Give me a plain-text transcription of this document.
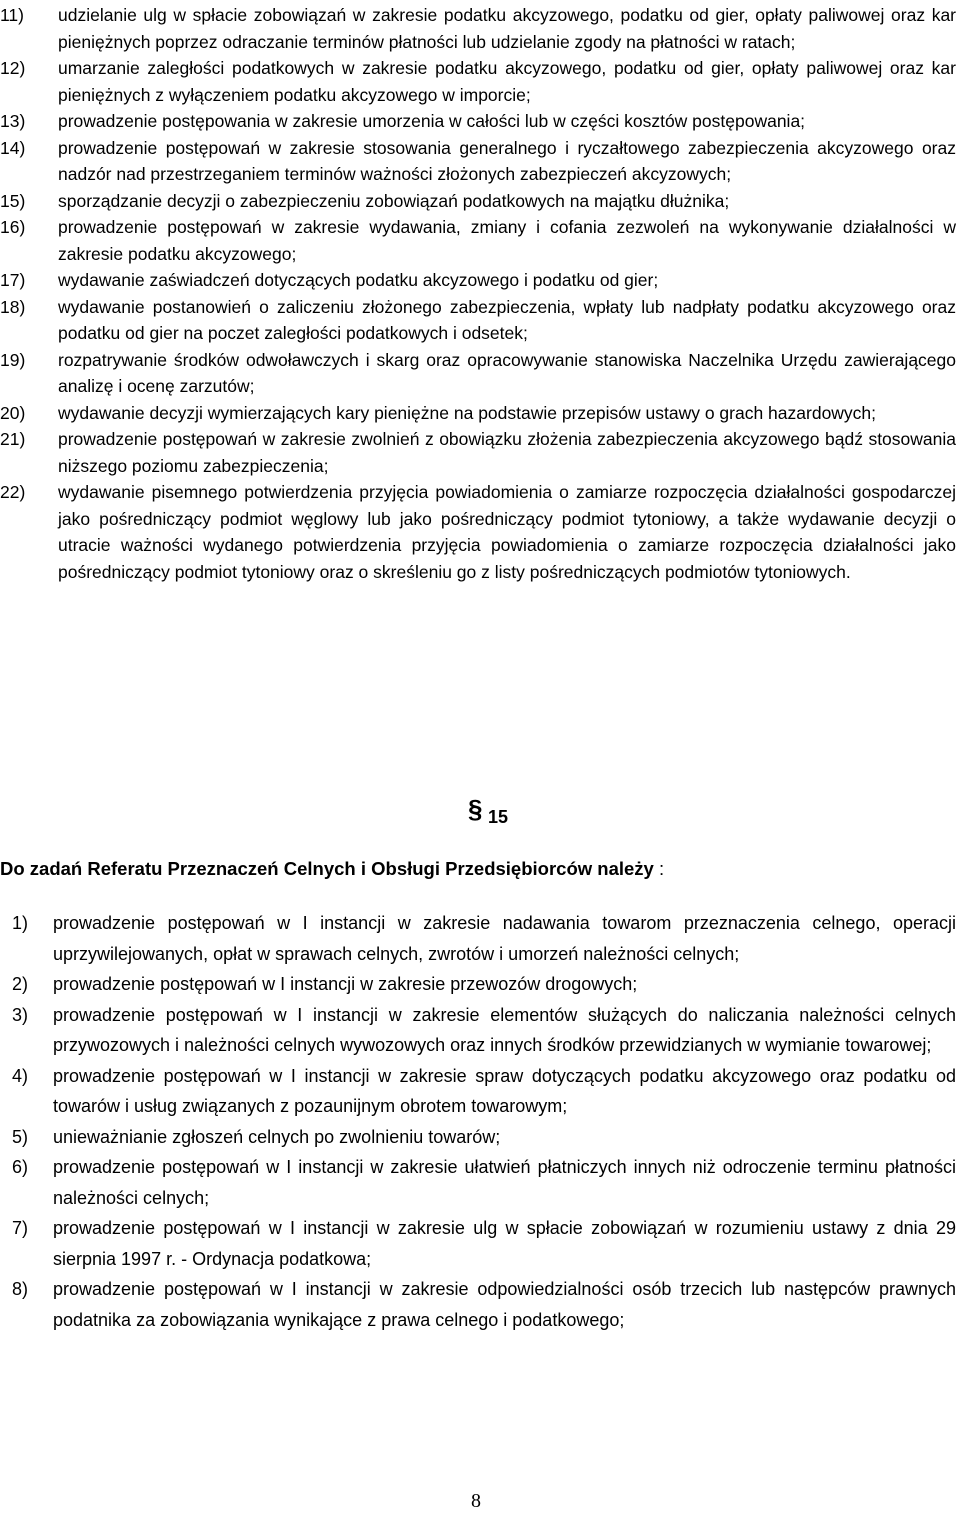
11) udzielanie ulg w spłacie zobowiązań w zakresie podatku akcyzowego, podatku od gier, opłaty paliwowej oraz kar pieniężnych poprzez odraczanie terminów płatności lub udzielanie zgody na płatności w ratach;
12) umarzanie zaległości podatkowych w zakresie podatku akcyzowego, podatku od gier, opłaty paliwowej oraz kar pieniężnych z wyłączeniem podatku akcyzowego w imporcie;
13) prowadzenie postępowania w zakresie umorzenia w całości lub w części kosztów postępowania;
14) prowadzenie postępowań w zakresie stosowania generalnego i ryczałtowego zabezpieczenia akcyzowego oraz nadzór nad przestrzeganiem terminów ważności złożonych zabezpieczeń akcyzowych;
15) sporządzanie decyzji o zabezpieczeniu zobowiązań podatkowych na majątku dłużnika;
16) prowadzenie postępowań w zakresie wydawania, zmiany i cofania zezwoleń na wykonywanie działalności w zakresie podatku akcyzowego;
17) wydawanie zaświadczeń dotyczących podatku akcyzowego i podatku od gier;
18) wydawanie postanowień o zaliczeniu złożonego zabezpieczenia, wpłaty lub nadpłaty podatku akcyzowego oraz podatku od gier na poczet zaległości podatkowych i odsetek;
19) rozpatrywanie środków odwoławczych i skarg oraz opracowywanie stanowiska Naczelnika Urzędu zawierającego analizę i ocenę zarzutów;
20) wydawanie decyzji wymierzających kary pieniężne na podstawie przepisów ustawy o grach hazardowych;
21) prowadzenie postępowań w zakresie zwolnień z obowiązku złożenia zabezpieczenia akcyzowego bądź stosowania niższego poziomu zabezpieczenia;
22) wydawanie pisemnego potwierdzenia przyjęcia powiadomienia o zamiarze rozpoczęcia działalności gospodarczej jako pośredniczący podmiot węglowy lub jako pośredniczący podmiot tytoniowy, a także wydawanie decyzji o utracie ważności wydanego potwierdzenia przyjęcia powiadomienia o zamiarze rozpoczęcia działalności jako pośredniczący podmiot tytoniowy oraz o skreśleniu go z listy pośredniczących podmiotów tytoniowych.
§ 15
Do zadań Referatu Przeznaczeń Celnych i Obsługi Przedsiębiorców należy :
1) prowadzenie postępowań w I instancji w zakresie nadawania towarom przeznaczenia celnego, operacji uprzywilejowanych, opłat w sprawach celnych, zwrotów i umorzeń należności celnych;
2) prowadzenie postępowań w I instancji w zakresie przewozów drogowych;
3) prowadzenie postępowań w I instancji w zakresie elementów służących do naliczania należności celnych przywozowych i należności celnych wywozowych oraz innych środków przewidzianych w wymianie towarowej;
4) prowadzenie postępowań w I instancji w zakresie spraw dotyczących podatku akcyzowego oraz podatku od towarów i usług związanych z pozaunijnym obrotem towarowym;
5) unieważnianie zgłoszeń celnych po zwolnieniu towarów;
6) prowadzenie postępowań w I instancji w zakresie ułatwień płatniczych innych niż odroczenie terminu płatności należności celnych;
7) prowadzenie postępowań w I instancji w zakresie ulg w spłacie zobowiązań w rozumieniu ustawy z dnia 29 sierpnia 1997 r. - Ordynacja podatkowa;
8) prowadzenie postępowań w I instancji w zakresie odpowiedzialności osób trzecich lub następców prawnych podatnika za zobowiązania wynikające z prawa celnego i podatkowego;
8
